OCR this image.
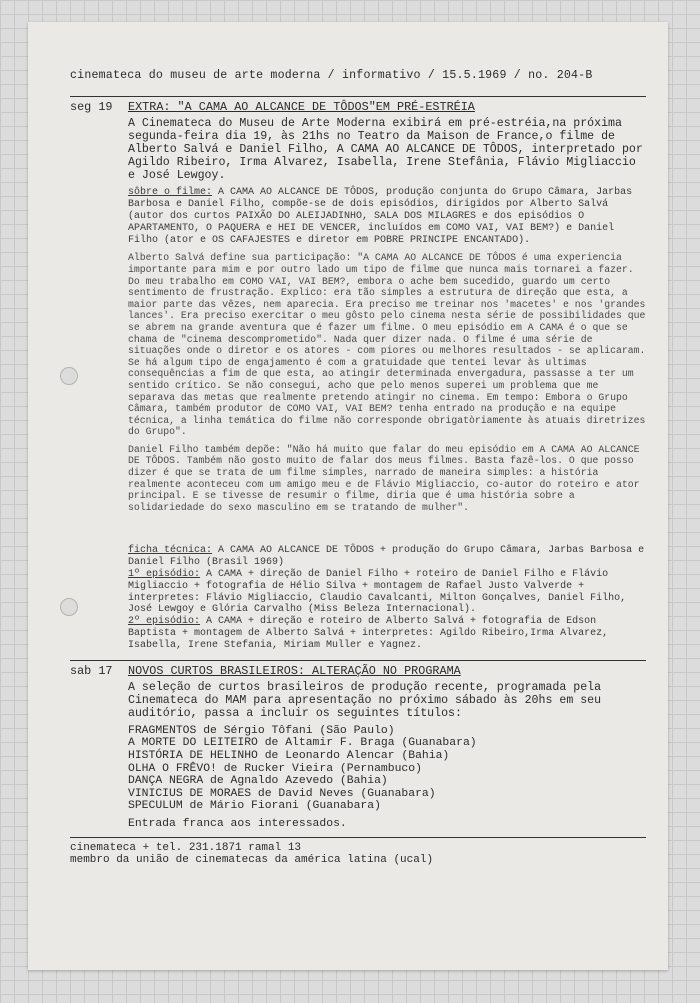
cinemateca do museu de arte moderna / informativo / 15.5.1969 / no. 204-B
seg 19	EXTRA: "A CAMA AO ALCANCE DE TÔDOS"EM PRÉ-ESTRÉIA
A Cinemateca do Museu de Arte Moderna exibirá em pré-estréia,na próxima segunda-feira dia 19, às 21hs no Teatro da Maison de France,o filme de Alberto Salvá e Daniel Filho, A CAMA AO ALCANCE DE TÔDOS, interpretado por Agildo Ribeiro, Irma Alvarez, Isabella, Irene Stefânia, Flávio Migliaccio e José Lewgoy.

sôbre o filme: A CAMA AO ALCANCE DE TÔDOS, produção conjunta do Grupo Câmara, Jarbas Barbosa e Daniel Filho, compõe-se de dois episódios, dirigidos por Alberto Salvá (autor dos curtos PAIXÃO DO ALEIJADINHO, SALA DOS MILAGRES e dos episódios O APARTAMENTO, O PAQUERA e HEI DE VENCER, incluídos em COMO VAI, VAI BEM?) e Daniel Filho (ator e OS CAFAJESTES e diretor em POBRE PRINCIPE ENCANTADO).

Alberto Salvá define sua participação: "A CAMA AO ALCANCE DE TÔDOS é uma experiencia importante para mim e por outro lado um tipo de filme que nunca mais tornarei a fazer. Do meu trabalho em COMO VAI, VAI BEM?, embora o ache bem sucedido, guardo um certo sentimento de frustração. Explico: era tão simples a estrutura de direção que esta, a maior parte das vêzes, nem aparecia. Era preciso me treinar nos 'macetes' e nos 'grandes lances'. Era preciso exercitar o meu gôsto pelo cinema nesta série de possibilidades que se abrem na grande aventura que é fazer um filme. O meu episódio em A CAMA é o que se chama de "cinema descomprometido". Nada quer dizer nada. O filme é uma série de situações onde o diretor e os atores - com piores ou melhores resultados - se aplicaram. Se há algum tipo de engajamento é com a gratuidade que tentei levar às ultimas consequências a fim de que esta, ao atingir determinada envergadura, passasse a ter um sentido crítico. Se não consegui, acho que pelo menos superei um problema que me separava das metas que realmente pretendo atingir no cinema. Em tempo: Embora o Grupo Câmara, também produtor de COMO VAI, VAI BEM? tenha entrado na produção e na equipe técnica, a linha temática do filme não corresponde obrigatòriamente às atuais diretrizes do Grupo".

Daniel Filho também depõe: "Não há muito que falar do meu episódio em A CAMA AO ALCANCE DE TÔDOS. Também não gosto muito de falar dos meus filmes. Basta fazê-los. O que posso dizer é que se trata de um filme simples, narrado de maneira simples: a história realmente aconteceu com um amigo meu e de Flávio Migliaccio, co-autor do roteiro e ator principal. E se tivesse de resumir o filme, diria que é uma história sobre a solidariedade do sexo masculino em se tratando de mulher".

ficha técnica: A CAMA AO ALCANCE DE TÔDOS + produção do Grupo Câmara, Jarbas Barbosa e Daniel Filho (Brasil 1969)

1º episódio: A CAMA + direção de Daniel Filho + roteiro de Daniel Filho e Flávio Migliaccio + fotografia de Hélio Silva + montagem de Rafael Justo Valverde + interpretes: Flávio Migliaccio, Claudio Cavalcanti, Milton Gonçalves, Daniel Filho, José Lewgoy e Glória Carvalho (Miss Beleza Internacional).

2º episódio: A CAMA + direção e roteiro de Alberto Salvá + fotografia de Edson Baptista + montagem de Alberto Salvá + interpretes: Agildo Ribeiro,Irma Alvarez, Isabella, Irene Stefania, Miriam Muller e Yagnez.

sab 17	NOVOS CURTOS BRASILEIROS: ALTERAÇÃO NO PROGRAMA
A seleção de curtos brasileiros de produção recente, programada pela Cinemateca do MAM para apresentação no próximo sábado às 20hs em seu auditório, passa a incluir os seguintes títulos:
FRAGMENTOS de Sérgio Tôfani (São Paulo)
A MORTE DO LEITEIRO de Altamir F. Braga (Guanabara)
HISTÓRIA DE HELINHO de Leonardo Alencar (Bahia)
OLHA O FRÊVO! de Rucker Vieira (Pernambuco)
DANÇA NEGRA de Agnaldo Azevedo (Bahia)
VINICIUS DE MORAES de David Neves (Guanabara)
SPECULUM de Mário Fiorani (Guanabara)
Entrada franca aos interessados.
cinemateca + tel. 231.1871 ramal 13
membro da união de cinematecas da américa latina (ucal)
